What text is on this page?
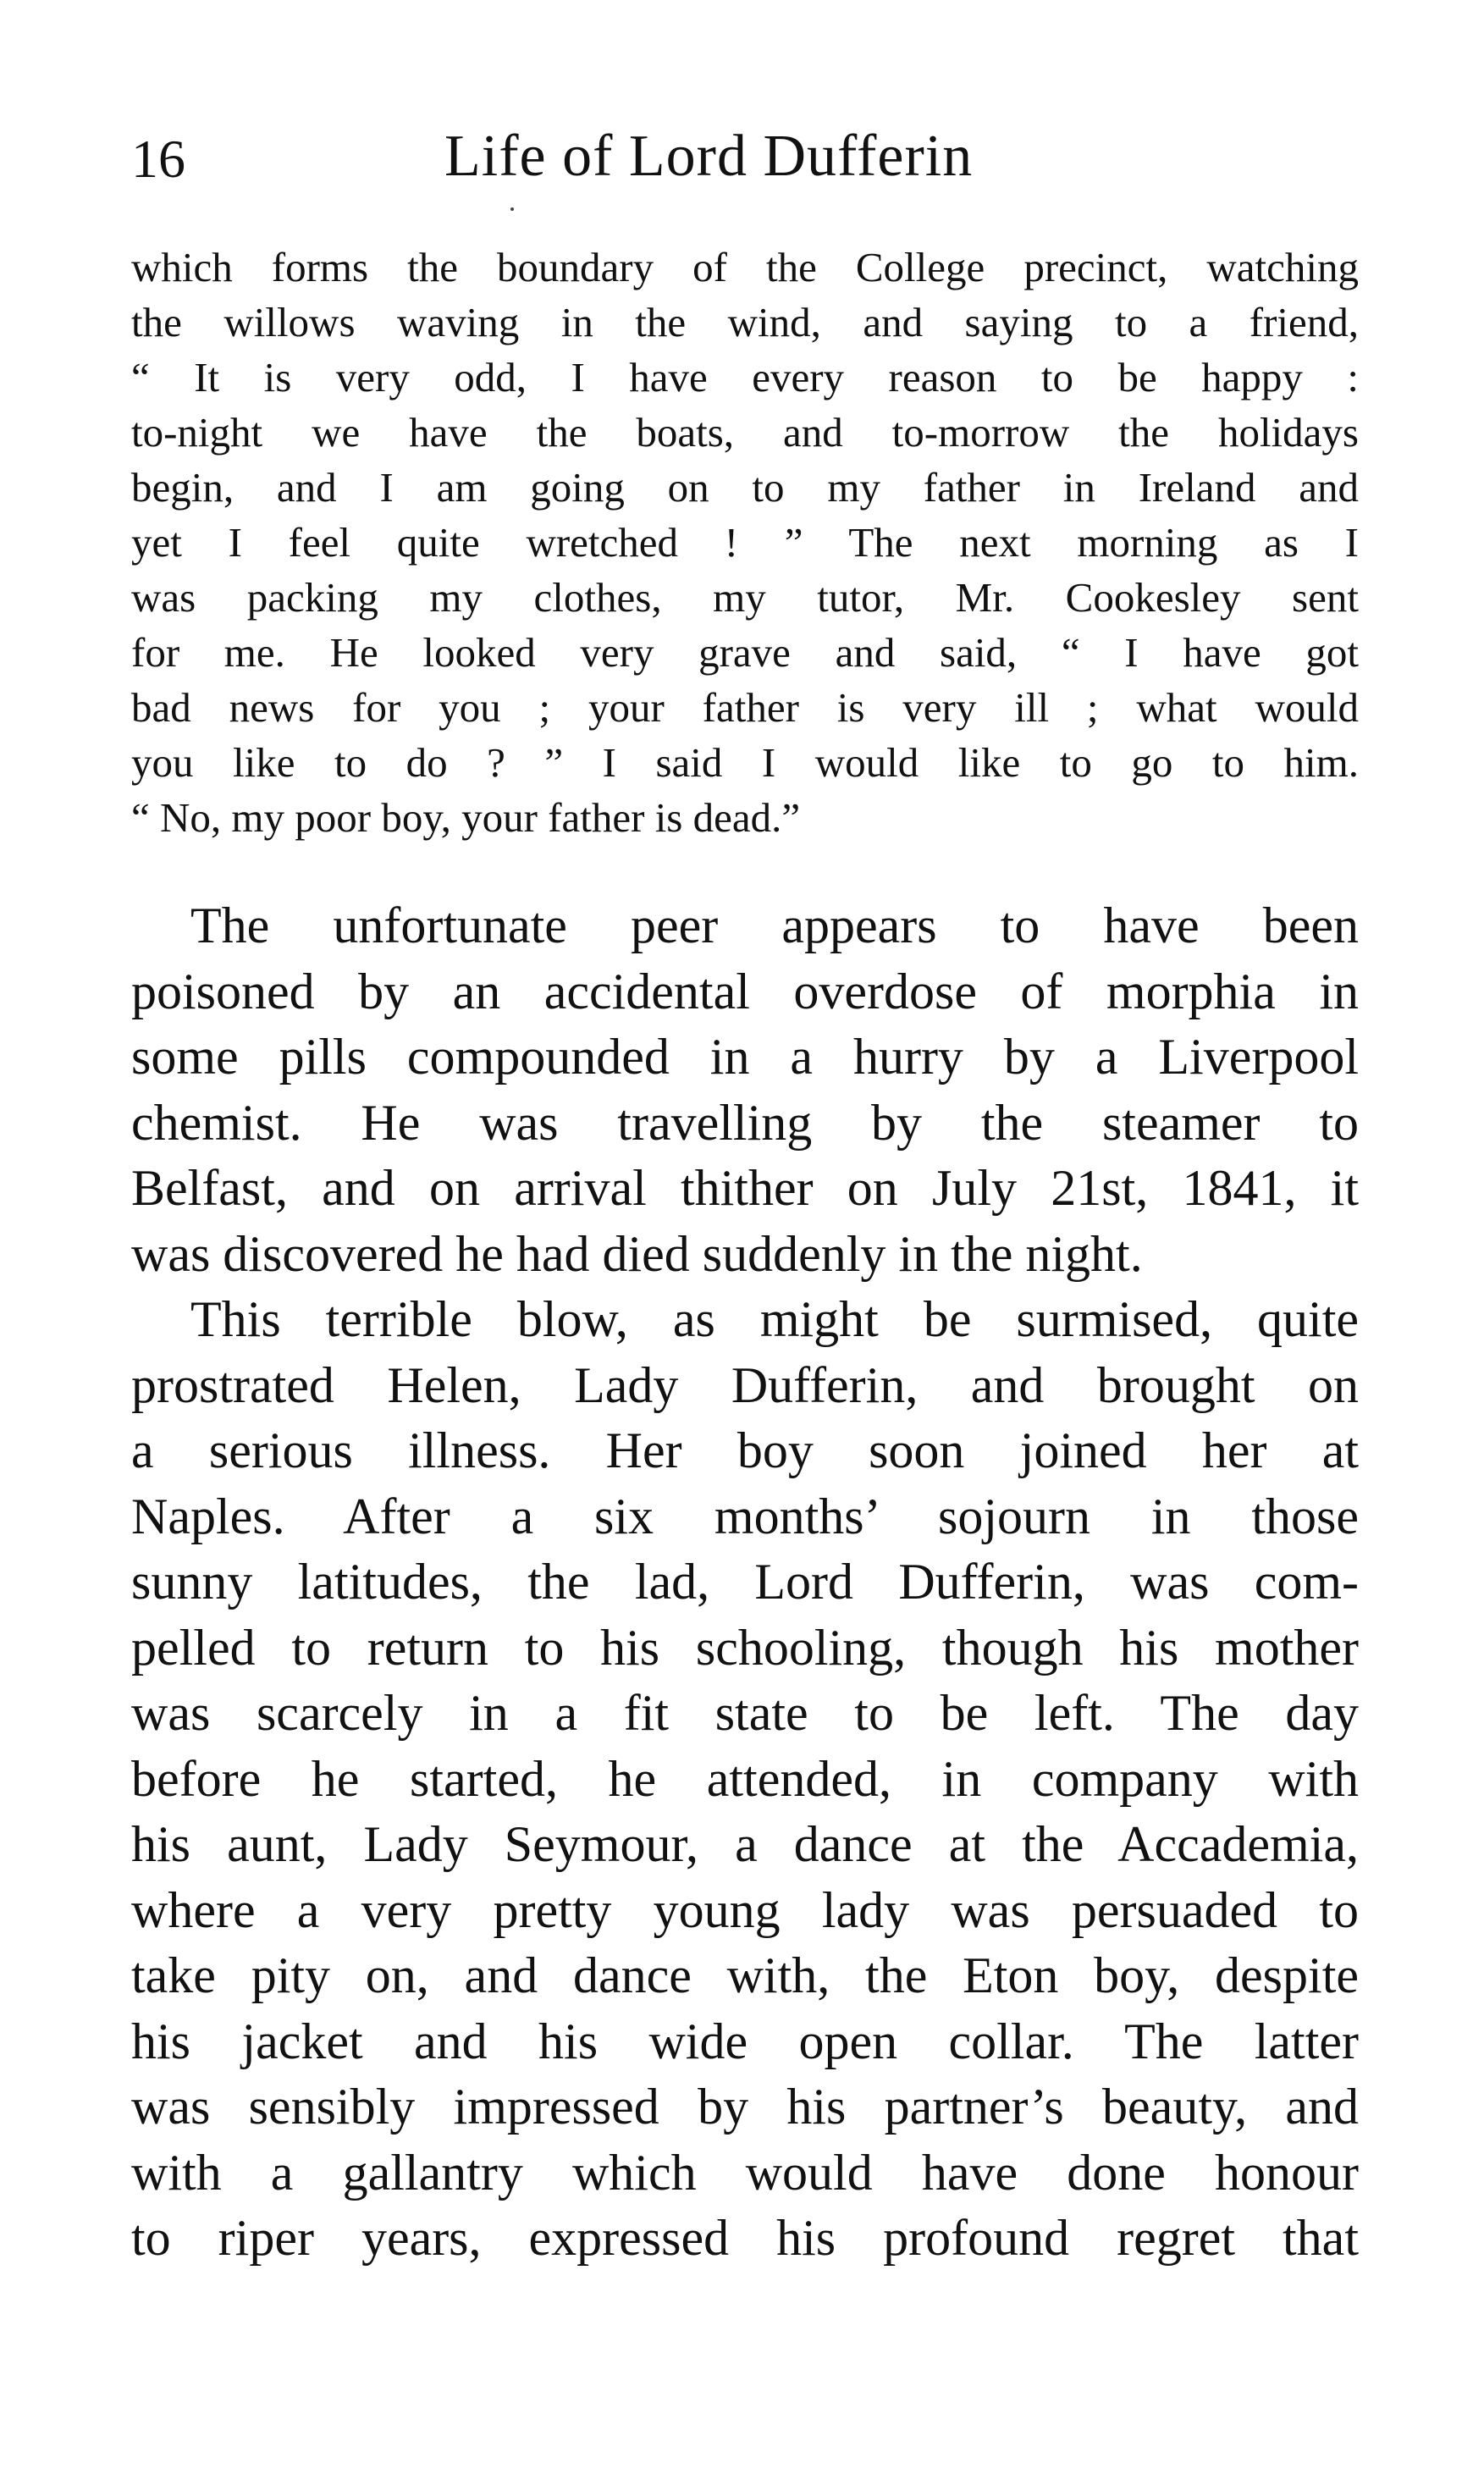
16	Life of Lord Dufferin
which forms the boundary of the College precinct, watching
the willows waving in the wind, and saying to a friend,
“ It is very odd, I have every reason to be happy :
to-night we have the boats, and to-morrow the holidays
begin, and I am going on to my father in Ireland and
yet I feel quite wretched ! ” The next morning as I
was packing my clothes, my tutor, Mr. Cookesley sent
for me. He looked very grave and said, “ I have got
bad news for you ; your father is very ill ; what would
you like to do ? ” I said I would like to go to him.
“ No, my poor boy, your father is dead.”
The unfortunate peer appears to have been
poisoned by an accidental overdose of morphia in
some pills compounded in a hurry by a Liverpool
chemist. He was travelling by the steamer to
Belfast, and on arrival thither on July 21st, 1841, it
was discovered he had died suddenly in the night.
This terrible blow, as might be surmised, quite
prostrated Helen, Lady Dufferin, and brought on
a serious illness. Her boy soon joined her at
Naples. After a six months’ sojourn in those
sunny latitudes, the lad, Lord Dufferin, was com-
pelled to return to his schooling, though his mother
was scarcely in a fit state to be left. The day
before he started, he attended, in company with
his aunt, Lady Seymour, a dance at the Accademia,
where a very pretty young lady was persuaded to
take pity on, and dance with, the Eton boy, despite
his jacket and his wide open collar. The latter
was sensibly impressed by his partner’s beauty, and
with a gallantry which would have done honour
to riper years, expressed his profound regret that
